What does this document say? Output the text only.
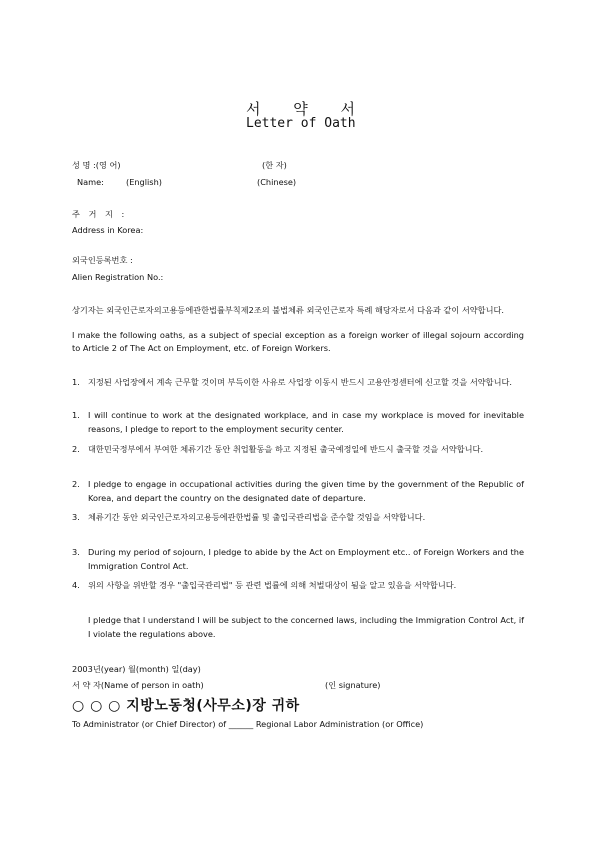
서 약 서
Letter of Oath
성 명 :(영 어)	(한 자)
Name:	(English)	(Chinese)
주 거 지 :
Address in Korea:
외국인등록번호 :
Alien Registration No.:
상기자는 외국인근로자의고용등에관한법률부칙제2조의 불법체류 외국인근로자 특례 해당자로서 다음과 같이 서약합니다.
I make the following oaths, as a subject of special exception as a foreign worker of illegal sojourn according to Article 2 of The Act on Employment, etc. of Foreign Workers.
1. 지정된 사업장에서 계속 근무할 것이며 부득이한 사유로 사업장 이동시 반드시 고용안정센터에 신고할 것을 서약합니다.
1. I will continue to work at the designated workplace, and in case my workplace is moved for inevitable reasons, I pledge to report to the employment security center.
2. 대한민국정부에서 부여한 체류기간 동안 취업활동을 하고 지정된 출국예정일에 반드시 출국할 것을 서약합니다.
2. I pledge to engage in occupational activities during the given time by the government of the Republic of Korea, and depart the country on the designated date of departure.
3. 체류기간 동안 외국인근로자의고용등에관한법률 및 출입국관리법을 준수할 것임을 서약합니다.
3. During my period of sojourn, I pledge to abide by the Act on Employment etc.. of Foreign Workers and the Immigration Control Act.
4. 위의 사항을 위반할 경우 "출입국관리법" 등 관련 법률에 의해 처벌대상이 됨을 알고 있음을 서약합니다.
I pledge that I understand I will be subject to the concerned laws, including the Immigration Control Act, if I violate the regulations above.
2003년(year) 월(month) 일(day)
서 약 자(Name of person in oath)	(인 signature)
○ ○ ○ 지방노동청(사무소)장 귀하
To Administrator (or Chief Director) of ______ Regional Labor Administration (or Office)
